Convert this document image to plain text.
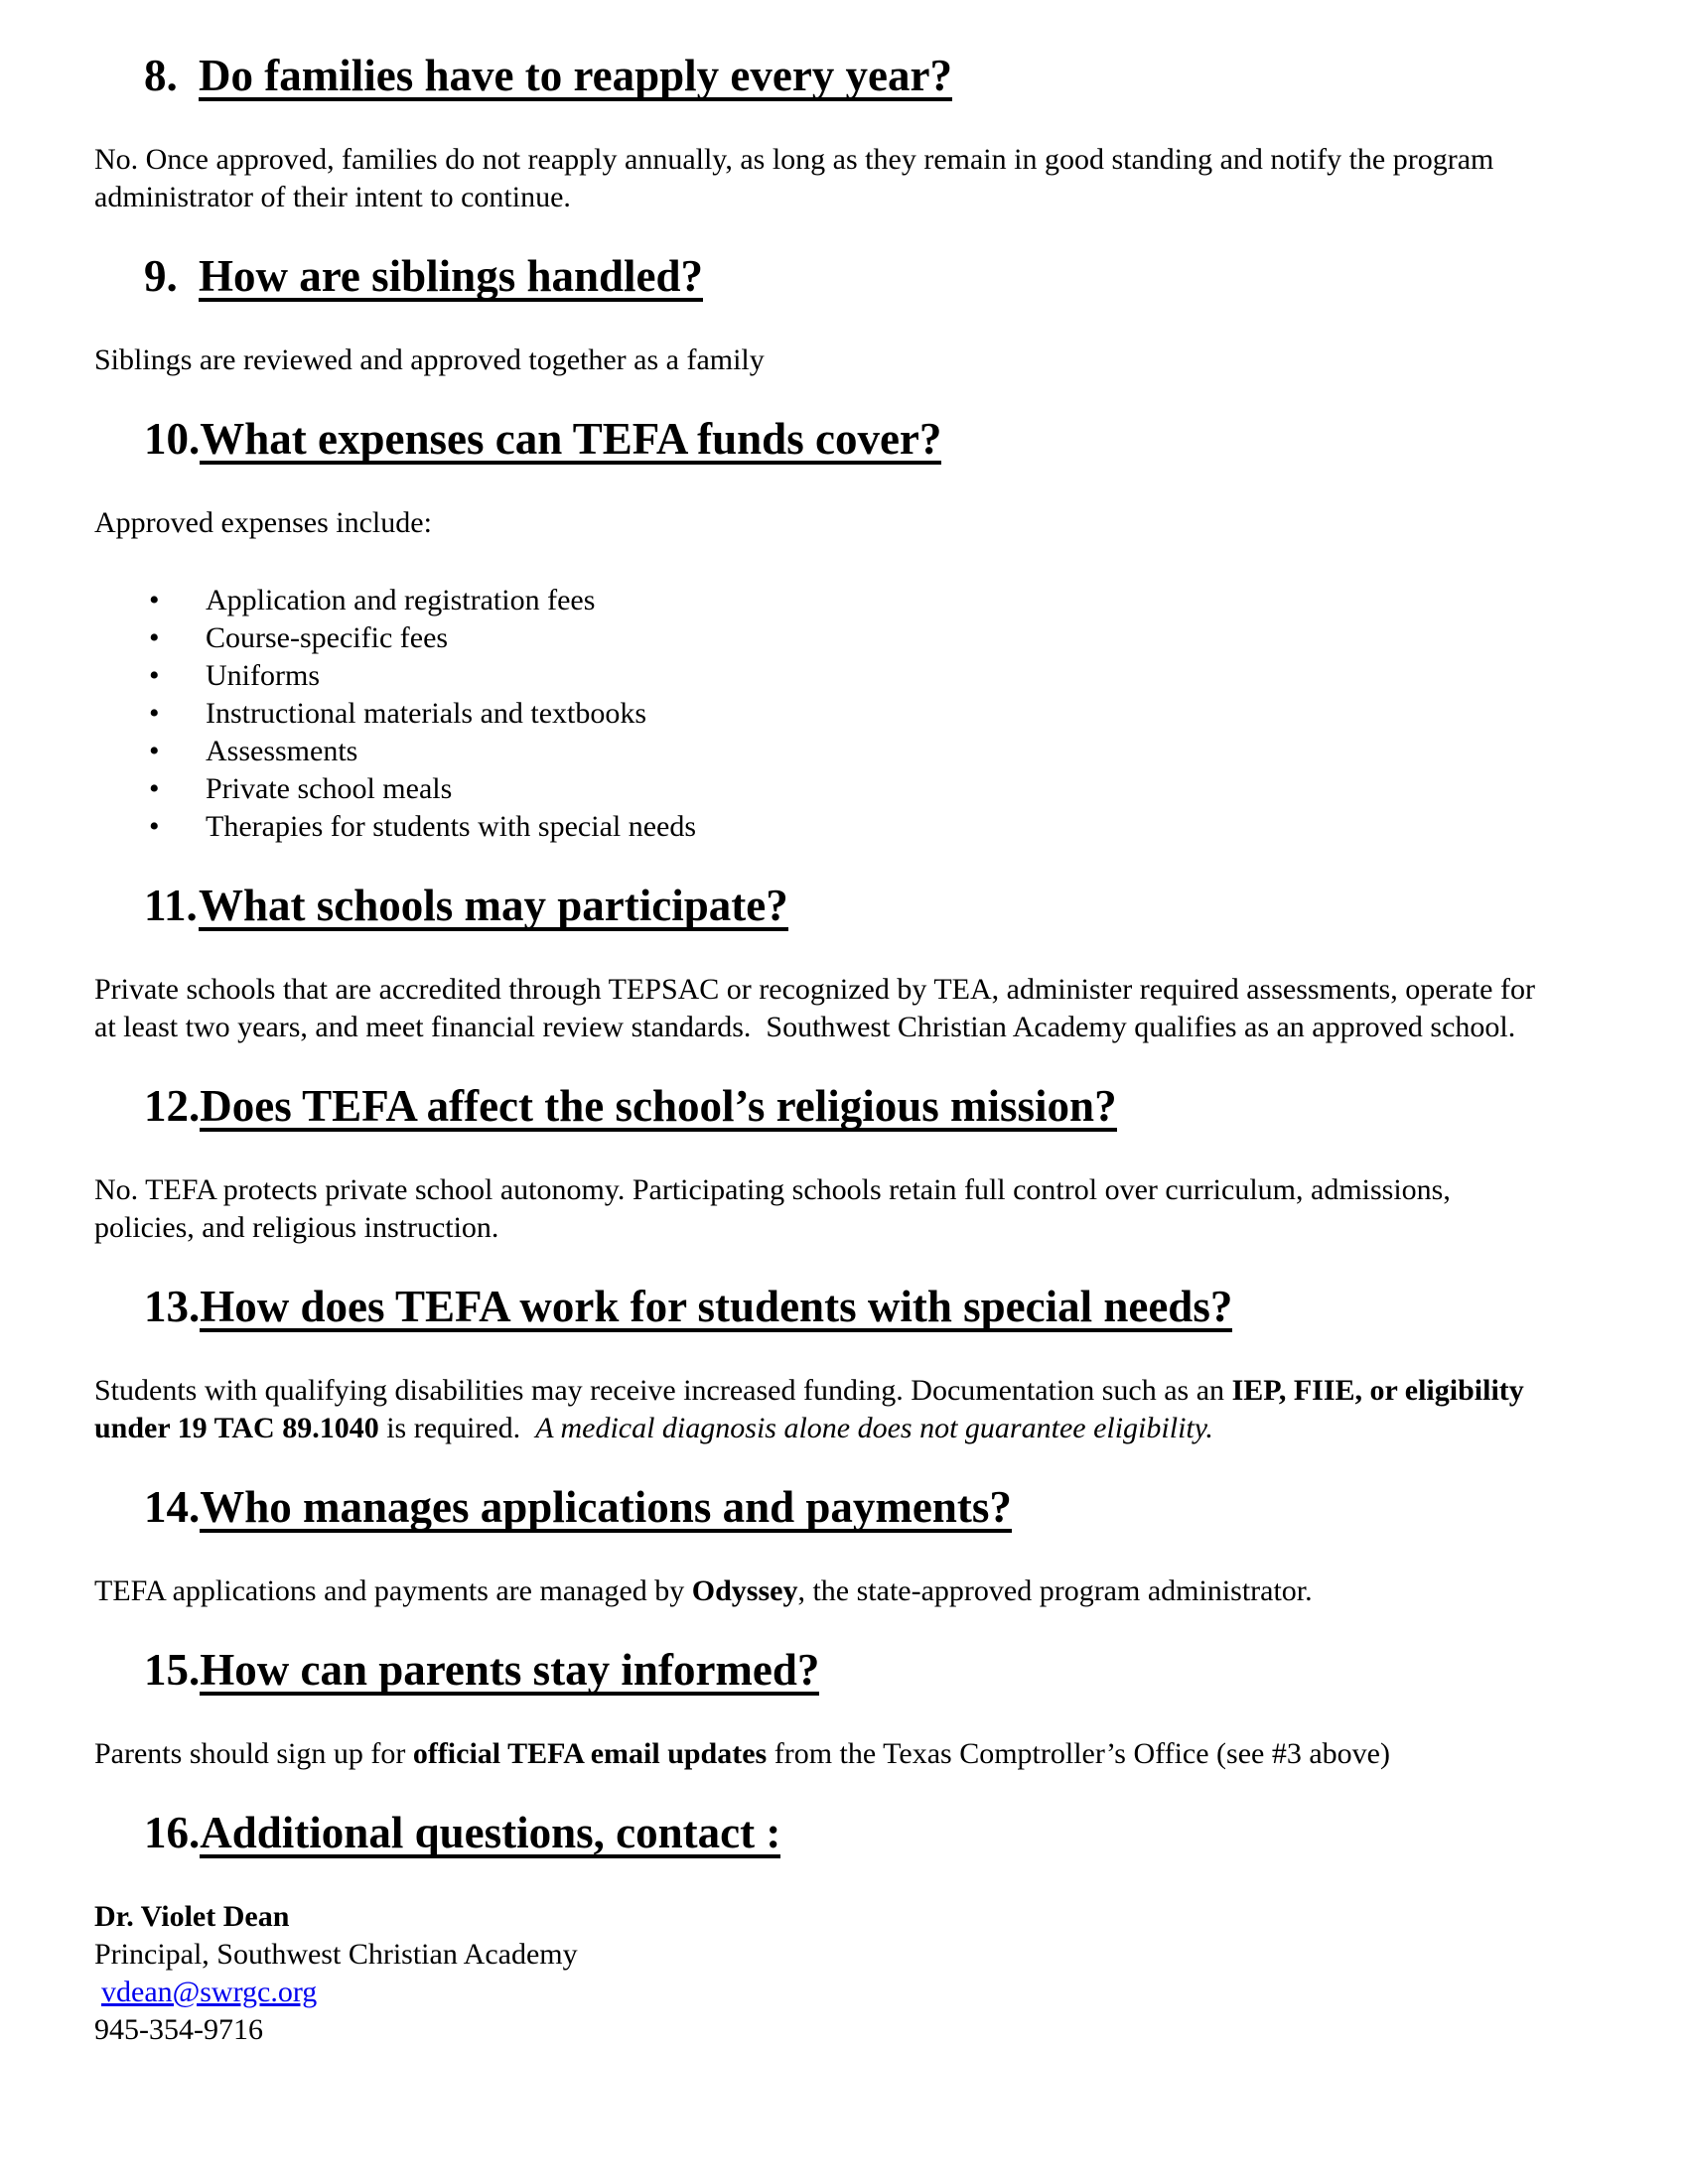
8. Do families have to reapply every year?

No. Once approved, families do not reapply annually, as long as they remain in good standing and notify the program administrator of their intent to continue.

9. How are siblings handled?

Siblings are reviewed and approved together as a family

10. What expenses can TEFA funds cover?

Approved expenses include:

• Application and registration fees
• Course-specific fees
• Uniforms
• Instructional materials and textbooks
• Assessments
• Private school meals
• Therapies for students with special needs
11. What schools may participate?

Private schools that are accredited through TEPSAC or recognized by TEA, administer required assessments, operate for at least two years, and meet financial review standards.  Southwest Christian Academy qualifies as an approved school.

12. Does TEFA affect the school’s religious mission?

No. TEFA protects private school autonomy. Participating schools retain full control over curriculum, admissions, policies, and religious instruction.

13. How does TEFA work for students with special needs?

Students with qualifying disabilities may receive increased funding. Documentation such as an IEP, FIIE, or eligibility under 19 TAC 89.1040 is required.  A medical diagnosis alone does not guarantee eligibility.

14. Who manages applications and payments?

TEFA applications and payments are managed by Odyssey, the state-approved program administrator.

15. How can parents stay informed?

Parents should sign up for official TEFA email updates from the Texas Comptroller’s Office (see #3 above)

16. Additional questions, contact :
Dr. Violet Dean
Principal, Southwest Christian Academy
vdean@swrgc.org
945-354-9716
